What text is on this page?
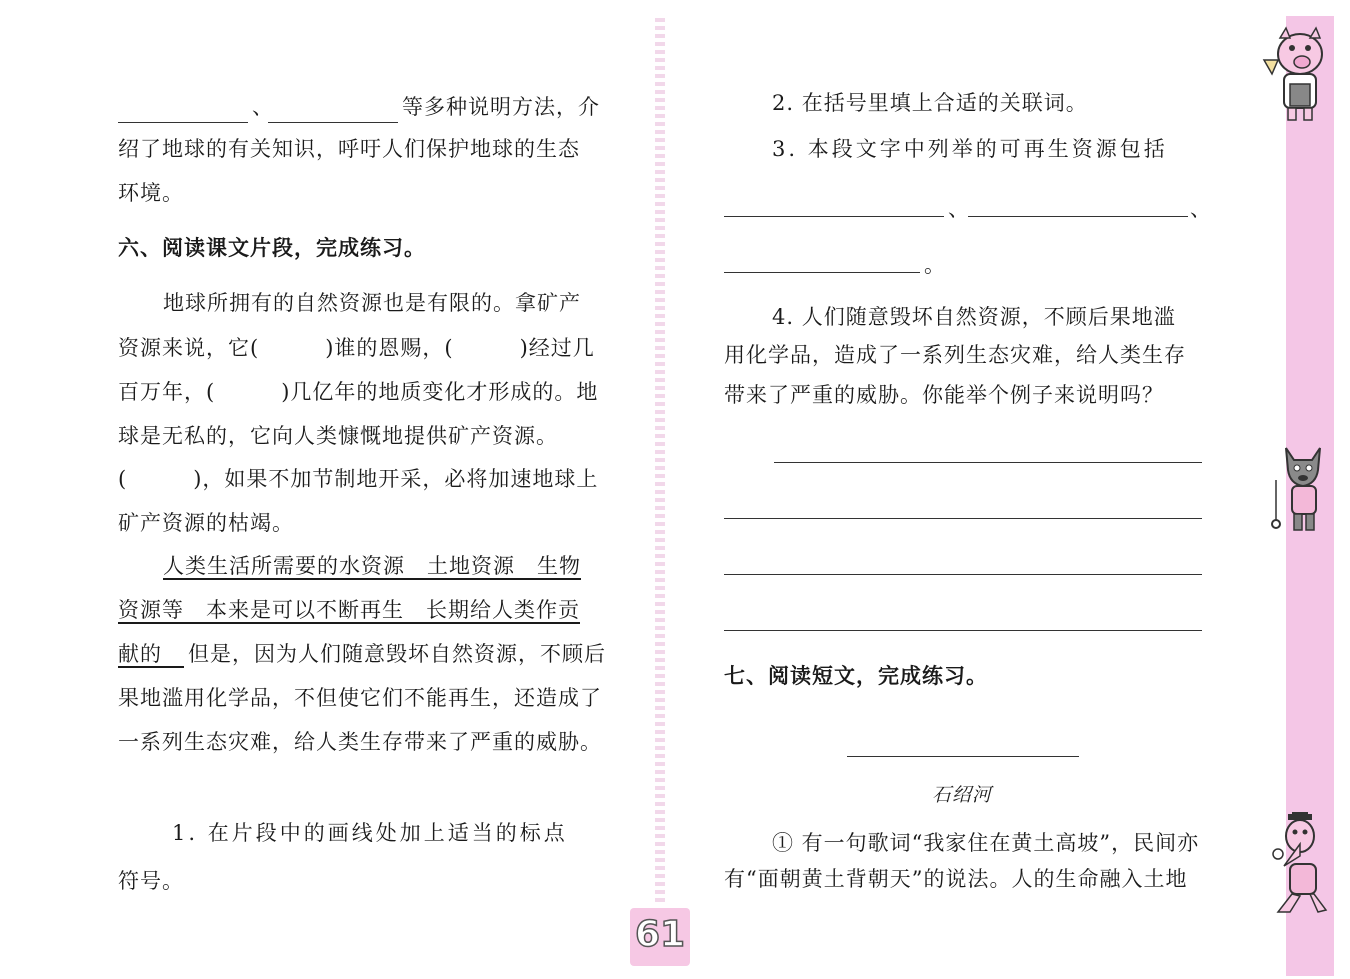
、	等多种说明方法，介
绍了地球的有关知识，呼吁人们保护地球的生态
环境。
六、阅读课文片段，完成练习。
地球所拥有的自然资源也是有限的。拿矿产
资源来说，它(　　　)谁的恩赐，(　　　)经过几
百万年，(　　　)几亿年的地质变化才形成的。地
球是无私的，它向人类慷慨地提供矿产资源。
(　　　)，如果不加节制地开采，必将加速地球上
矿产资源的枯竭。
人类生活所需要的水资源　土地资源　生物
资源等　本来是可以不断再生　长期给人类作贡
献的　 但是，因为人们随意毁坏自然资源，不顾后
果地滥用化学品，不但使它们不能再生，还造成了
一系列生态灾难，给人类生存带来了严重的威胁。
1. 在片段中的画线处加上适当的标点
符号。
2. 在括号里填上合适的关联词。
3. 本段文字中列举的可再生资源包括
、	、
。
4. 人们随意毁坏自然资源，不顾后果地滥
用化学品，造成了一系列生态灾难，给人类生存
带来了严重的威胁。你能举个例子来说明吗？
七、阅读短文，完成练习。
石绍河
① 有一句歌词“我家住在黄土高坡”，民间亦
有“面朝黄土背朝天”的说法。人的生命融入土地
61
